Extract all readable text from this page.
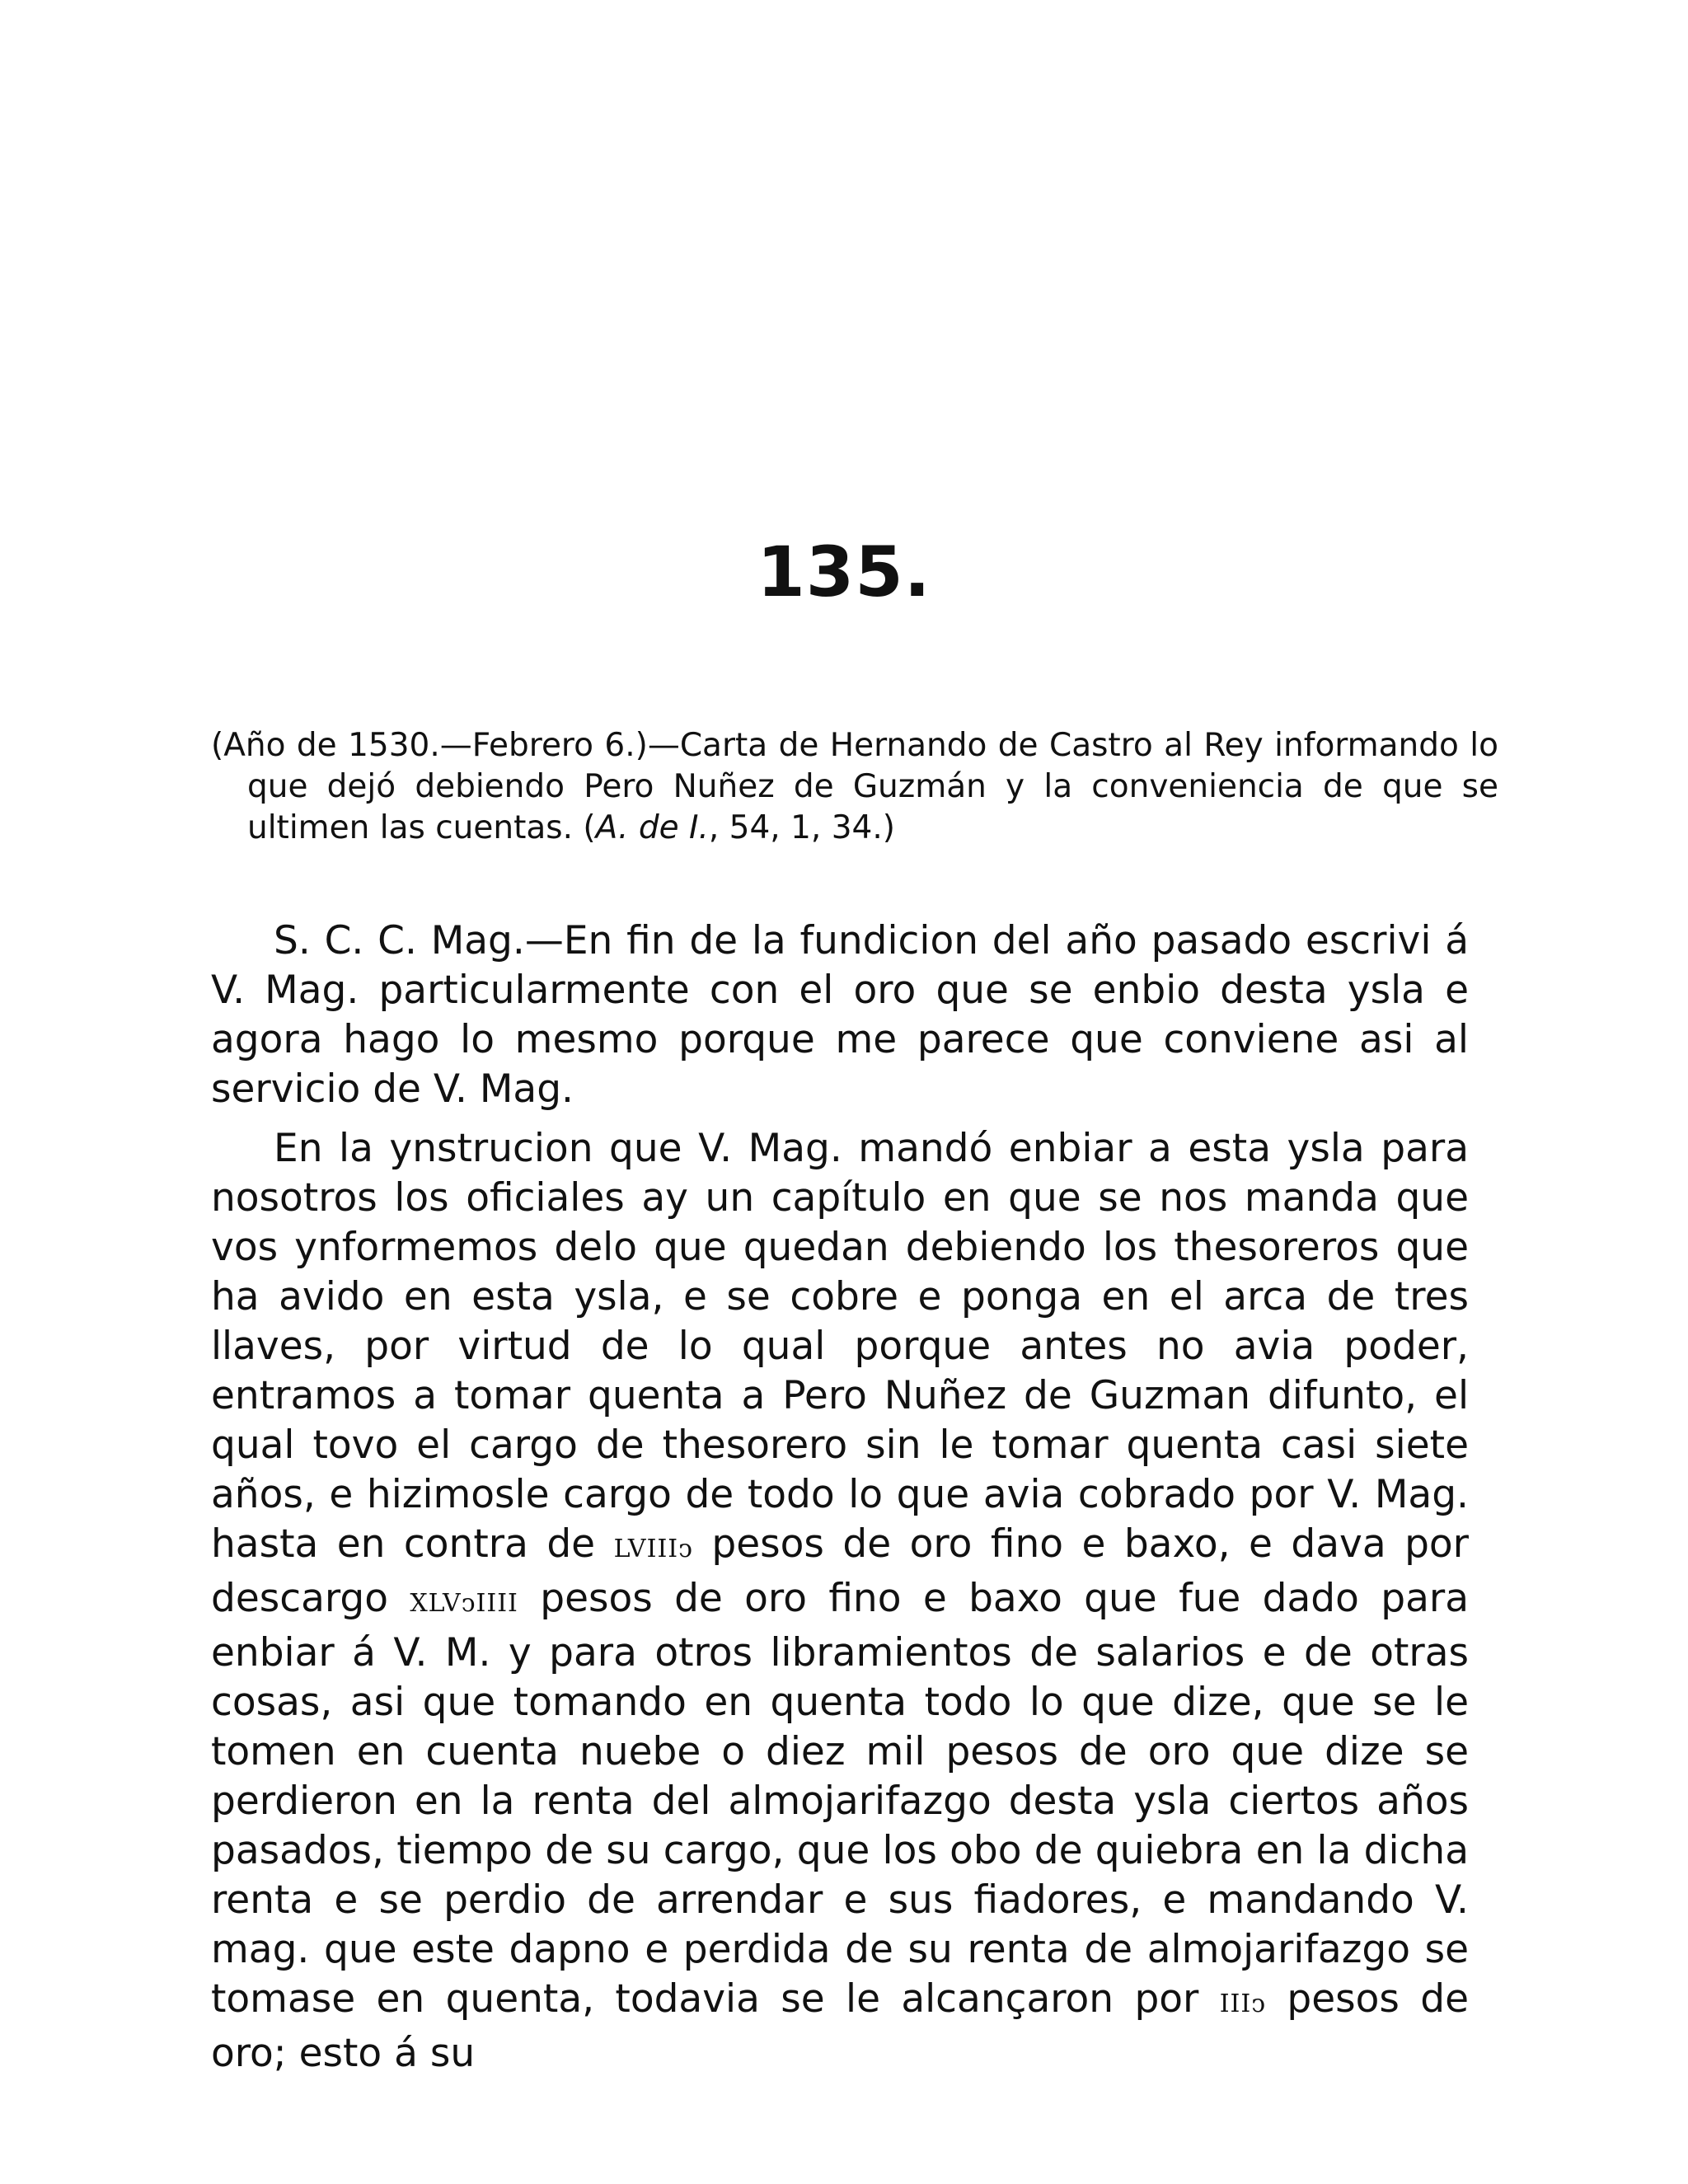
135.

(Año de 1530.—Febrero 6.)—Carta de Hernando de Castro al Rey informando lo que dejó debiendo Pero Nuñez de Guzmán y la conveniencia de que se ultimen las cuentas. (A. de I., 54, 1, 34.)

S. C. C. Mag.—En fin de la fundicion del año pasado escrivi á V. Mag. particularmente con el oro que se enbio desta ysla e agora hago lo mesmo porque me parece que conviene asi al servicio de V. Mag.

En la ynstrucion que V. Mag. mandó enbiar a esta ysla para nosotros los oficiales ay un capítulo en que se nos manda que vos ynformemos delo que quedan debiendo los thesoreros que ha avido en esta ysla, e se cobre e ponga en el arca de tres llaves, por virtud de lo qual porque antes no avia poder, entramos a tomar quenta a Pero Nuñez de Guzman difunto, el qual tovo el cargo de thesorero sin le tomar quenta casi siete años, e hizimosle cargo de todo lo que avia cobrado por V. Mag. hasta en contra de LVIIIↄ pesos de oro fino e baxo, e dava por descargo XLVↄIIII pesos de oro fino e baxo que fue dado para enbiar á V. M. y para otros libramientos de salarios e de otras cosas, asi que tomando en quenta todo lo que dize, que se le tomen en cuenta nuebe o diez mil pesos de oro que dize se perdieron en la renta del almojarifazgo desta ysla ciertos años pasados, tiempo de su cargo, que los obo de quiebra en la dicha renta e se perdio de arrendar e sus fiadores, e mandando V. mag. que este dapno e perdida de su renta de almojarifazgo se tomase en quenta, todavia se le alcançaron por IIIↄ pesos de oro; esto á su
